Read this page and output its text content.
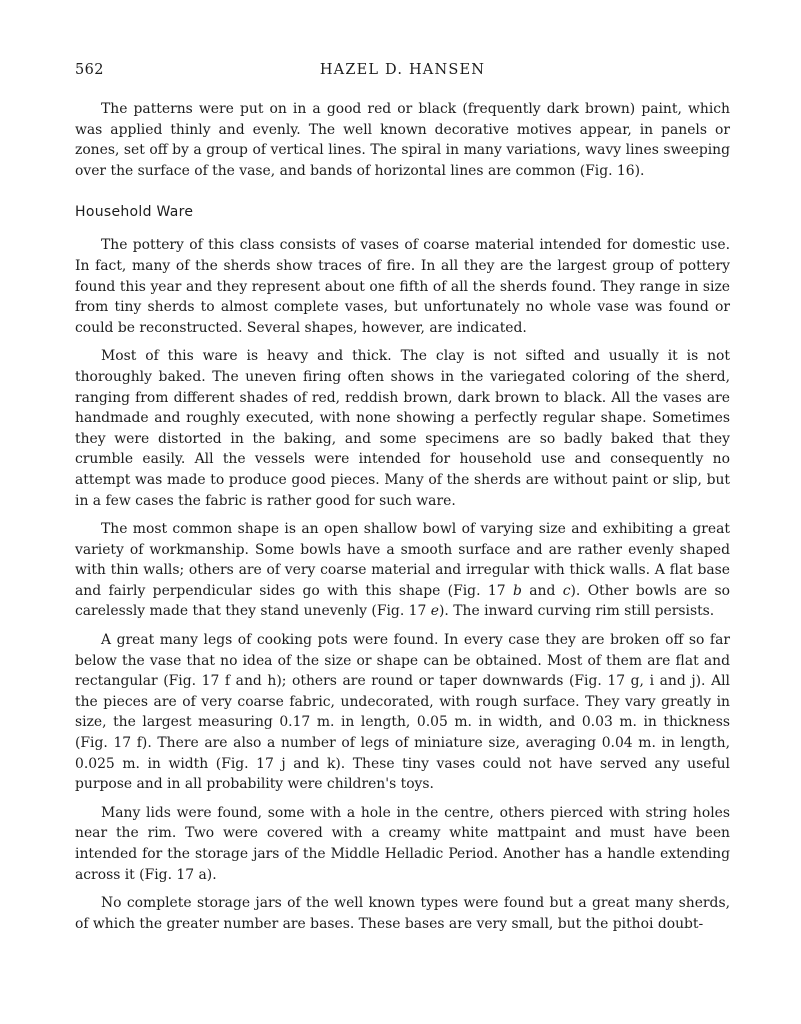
562	HAZEL D. HANSEN

The patterns were put on in a good red or black (frequently dark brown) paint, which was applied thinly and evenly. The well known decorative motives appear, in panels or zones, set off by a group of vertical lines. The spiral in many variations, wavy lines sweeping over the surface of the vase, and bands of horizontal lines are common (Fig. 16).

Household Ware

The pottery of this class consists of vases of coarse material intended for domestic use. In fact, many of the sherds show traces of fire. In all they are the largest group of pottery found this year and they represent about one fifth of all the sherds found. They range in size from tiny sherds to almost complete vases, but unfortunately no whole vase was found or could be reconstructed. Several shapes, however, are indicated.

Most of this ware is heavy and thick. The clay is not sifted and usually it is not thoroughly baked. The uneven firing often shows in the variegated coloring of the sherd, ranging from different shades of red, reddish brown, dark brown to black. All the vases are handmade and roughly executed, with none showing a perfectly regular shape. Sometimes they were distorted in the baking, and some specimens are so badly baked that they crumble easily. All the vessels were intended for household use and consequently no attempt was made to produce good pieces. Many of the sherds are without paint or slip, but in a few cases the fabric is rather good for such ware.

The most common shape is an open shallow bowl of varying size and exhibiting a great variety of workmanship. Some bowls have a smooth surface and are rather evenly shaped with thin walls; others are of very coarse material and irregular with thick walls. A flat base and fairly perpendicular sides go with this shape (Fig. 17 b and c). Other bowls are so carelessly made that they stand unevenly (Fig. 17 e). The inward curving rim still persists.

A great many legs of cooking pots were found. In every case they are broken off so far below the vase that no idea of the size or shape can be obtained. Most of them are flat and rectangular (Fig. 17 f and h); others are round or taper downwards (Fig. 17 g, i and j). All the pieces are of very coarse fabric, undecorated, with rough surface. They vary greatly in size, the largest measuring 0.17 m. in length, 0.05 m. in width, and 0.03 m. in thickness (Fig. 17 f). There are also a number of legs of miniature size, averaging 0.04 m. in length, 0.025 m. in width (Fig. 17 j and k). These tiny vases could not have served any useful purpose and in all probability were children's toys.

Many lids were found, some with a hole in the centre, others pierced with string holes near the rim. Two were covered with a creamy white mattpaint and must have been intended for the storage jars of the Middle Helladic Period. Another has a handle extending across it (Fig. 17 a).

No complete storage jars of the well known types were found but a great many sherds, of which the greater number are bases. These bases are very small, but the pithoi doubt-
